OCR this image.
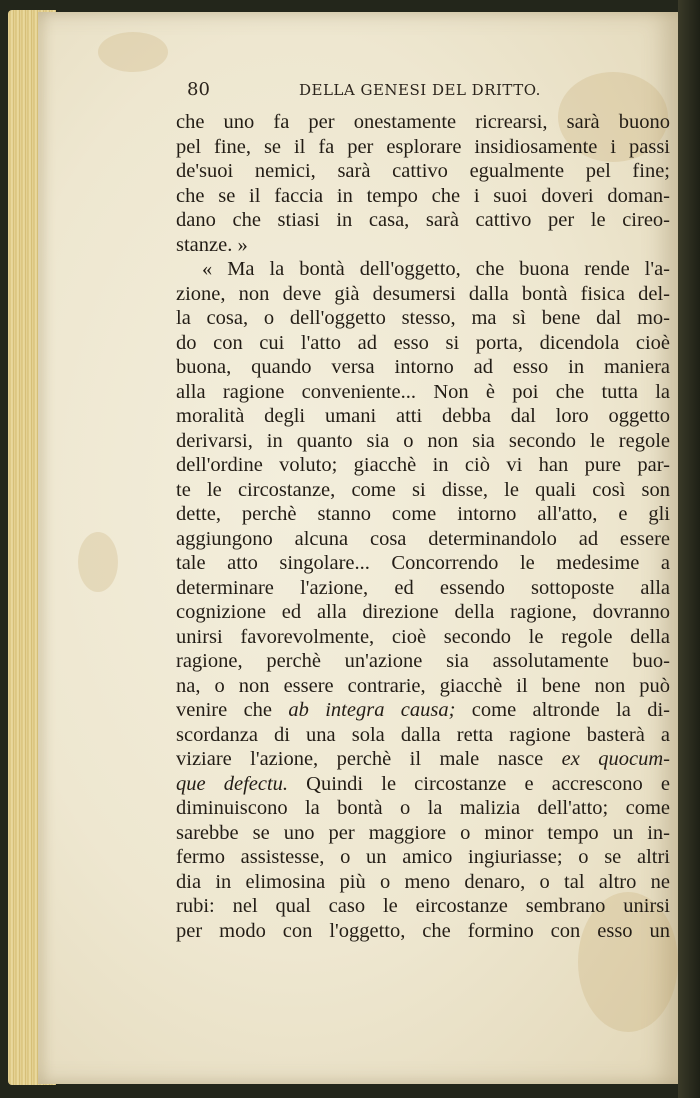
80	DELLA GENESI DEL DRITTO.
che uno fa per onestamente ricrearsi, sarà buono
pel fine, se il fa per esplorare insidiosamente i passi
de'suoi nemici, sarà cattivo egualmente pel fine;
che se il faccia in tempo che i suoi doveri doman-
dano che stiasi in casa, sarà cattivo per le cireo-
stanze. »
« Ma la bontà dell'oggetto, che buona rende l'a-
zione, non deve già desumersi dalla bontà fisica del-
la cosa, o dell'oggetto stesso, ma sì bene dal mo-
do con cui l'atto ad esso si porta, dicendola cioè
buona, quando versa intorno ad esso in maniera
alla ragione conveniente... Non è poi che tutta la
moralità degli umani atti debba dal loro oggetto
derivarsi, in quanto sia o non sia secondo le regole
dell'ordine voluto; giacchè in ciò vi han pure par-
te le circostanze, come si disse, le quali così son
dette, perchè stanno come intorno all'atto, e gli
aggiungono alcuna cosa determinandolo ad essere
tale atto singolare... Concorrendo le medesime a
determinare l'azione, ed essendo sottoposte alla
cognizione ed alla direzione della ragione, dovranno
unirsi favorevolmente, cioè secondo le regole della
ragione, perchè un'azione sia assolutamente buo-
na, o non essere contrarie, giacchè il bene non può
venire che ab integra causa; come altronde la di-
scordanza di una sola dalla retta ragione basterà a
viziare l'azione, perchè il male nasce ex quocum-
que defectu. Quindi le circostanze e accrescono e
diminuiscono la bontà o la malizia dell'atto; come
sarebbe se uno per maggiore o minor tempo un in-
fermo assistesse, o un amico ingiuriasse; o se altri
dia in elimosina più o meno denaro, o tal altro ne
rubi: nel qual caso le eircostanze sembrano unirsi
per modo con l'oggetto, che formino con esso un
